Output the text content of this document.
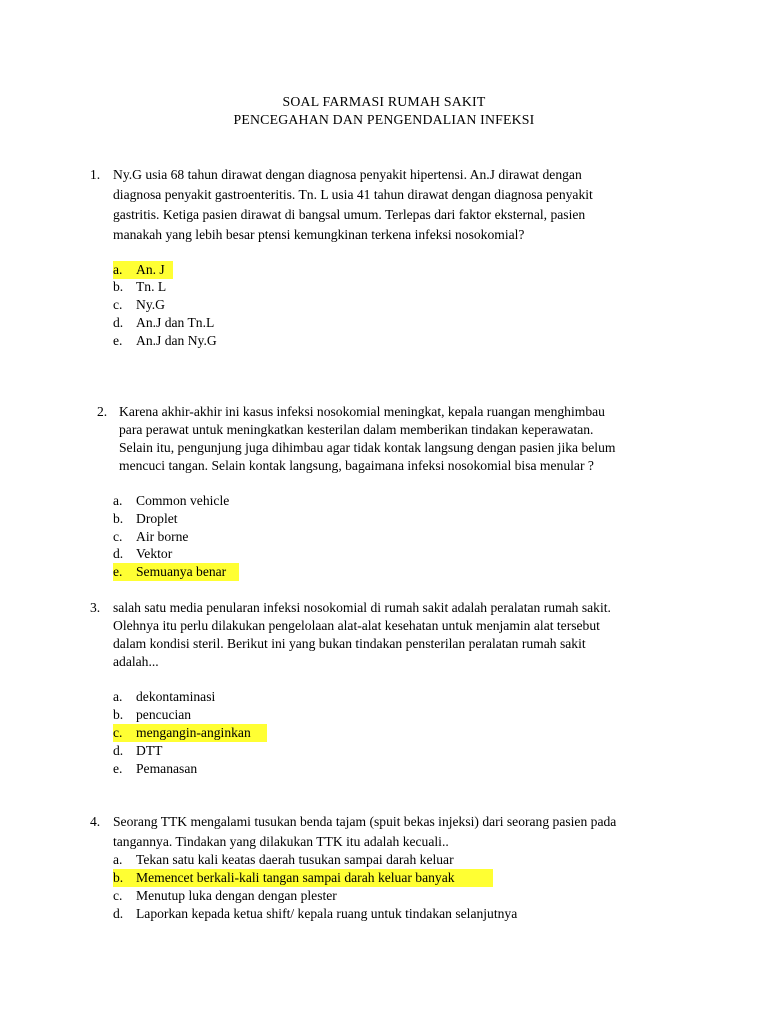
SOAL FARMASI RUMAH SAKIT
PENCEGAHAN DAN PENGENDALIAN INFEKSI
1. Ny.G usia 68 tahun dirawat dengan diagnosa penyakit hipertensi. An.J dirawat dengan
diagnosa penyakit gastroenteritis. Tn. L usia 41 tahun dirawat dengan diagnosa penyakit
gastritis. Ketiga pasien dirawat di bangsal umum. Terlepas dari faktor eksternal, pasien
manakah yang lebih besar ptensi kemungkinan terkena infeksi nosokomial?
a. An. J
b. Tn. L
c. Ny.G
d. An.J dan Tn.L
e. An.J dan Ny.G
2. Karena akhir-akhir ini kasus infeksi nosokomial meningkat, kepala ruangan menghimbau
para perawat untuk meningkatkan kesterilan dalam memberikan tindakan keperawatan.
Selain itu, pengunjung juga dihimbau agar tidak kontak langsung dengan pasien jika belum
mencuci tangan. Selain kontak langsung, bagaimana infeksi nosokomial bisa menular ?
a. Common vehicle
b. Droplet
c. Air borne
d. Vektor
e. Semuanya benar
3. salah satu media penularan infeksi nosokomial di rumah sakit adalah peralatan rumah sakit.
Olehnya itu perlu dilakukan pengelolaan alat-alat kesehatan untuk menjamin alat tersebut
dalam kondisi steril. Berikut ini yang bukan tindakan pensterilan peralatan rumah sakit
adalah...
a. dekontaminasi
b. pencucian
c. mengangin-anginkan
d. DTT
e. Pemanasan
4. Seorang TTK mengalami tusukan benda tajam (spuit bekas injeksi) dari seorang pasien pada
tangannya. Tindakan yang dilakukan TTK itu adalah kecuali..
a. Tekan satu kali keatas daerah tusukan sampai darah keluar
b. Memencet berkali-kali tangan sampai darah keluar banyak
c. Menutup luka dengan dengan plester
d. Laporkan kepada ketua shift/ kepala ruang untuk tindakan selanjutnya
